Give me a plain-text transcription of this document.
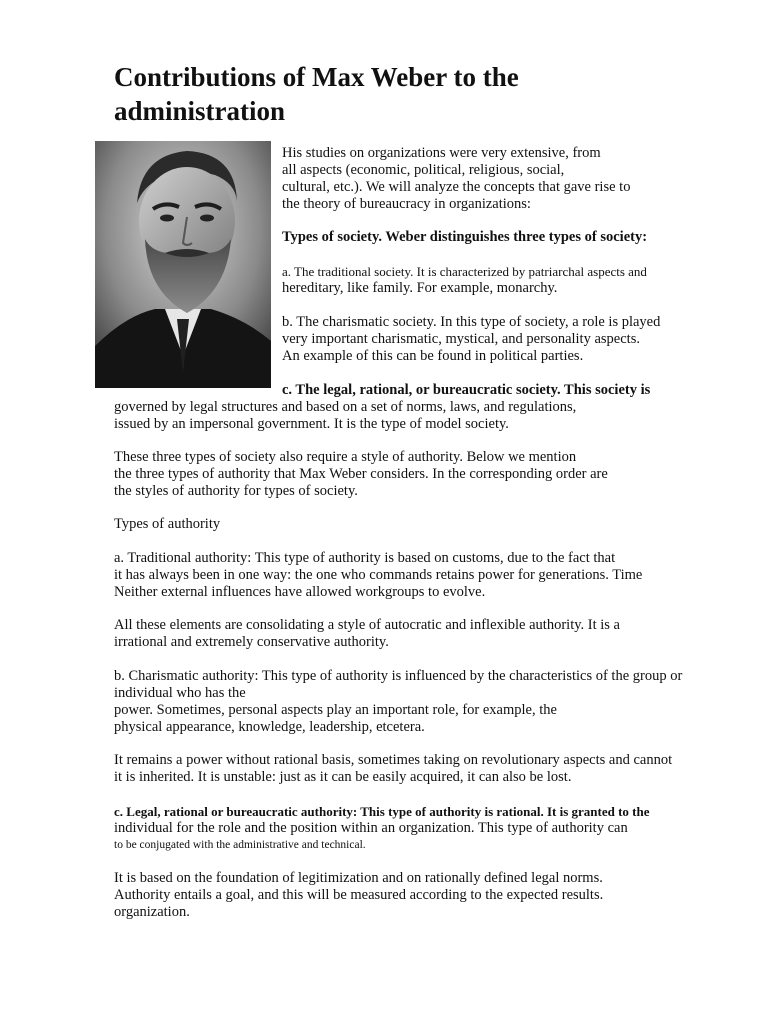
Contributions of Max Weber to the
administration
His studies on organizations were very extensive, from
all aspects (economic, political, religious, social,
cultural, etc.). We will analyze the concepts that gave rise to
the theory of bureaucracy in organizations:
Types of society. Weber distinguishes three types of society:
a. The traditional society. It is characterized by patriarchal aspects and
hereditary, like family. For example, monarchy.
b. The charismatic society. In this type of society, a role is played
very important charismatic, mystical, and personality aspects.
An example of this can be found in political parties.
c. The legal, rational, or bureaucratic society. This society is
governed by legal structures and based on a set of norms, laws, and regulations,
issued by an impersonal government. It is the type of model society.
These three types of society also require a style of authority. Below we mention
the three types of authority that Max Weber considers. In the corresponding order are
the styles of authority for types of society.
Types of authority
a. Traditional authority: This type of authority is based on customs, due to the fact that
it has always been in one way: the one who commands retains power for generations. Time
Neither external influences have allowed workgroups to evolve.
All these elements are consolidating a style of autocratic and inflexible authority. It is a
irrational and extremely conservative authority.
b. Charismatic authority: This type of authority is influenced by the characteristics of the group or
individual who has the
power. Sometimes, personal aspects play an important role, for example, the
physical appearance, knowledge, leadership, etcetera.
It remains a power without rational basis, sometimes taking on revolutionary aspects and cannot
it is inherited. It is unstable: just as it can be easily acquired, it can also be lost.
c. Legal, rational or bureaucratic authority: This type of authority is rational. It is granted to the
individual for the role and the position within an organization. This type of authority can
to be conjugated with the administrative and technical.
It is based on the foundation of legitimization and on rationally defined legal norms.
Authority entails a goal, and this will be measured according to the expected results.
organization.
